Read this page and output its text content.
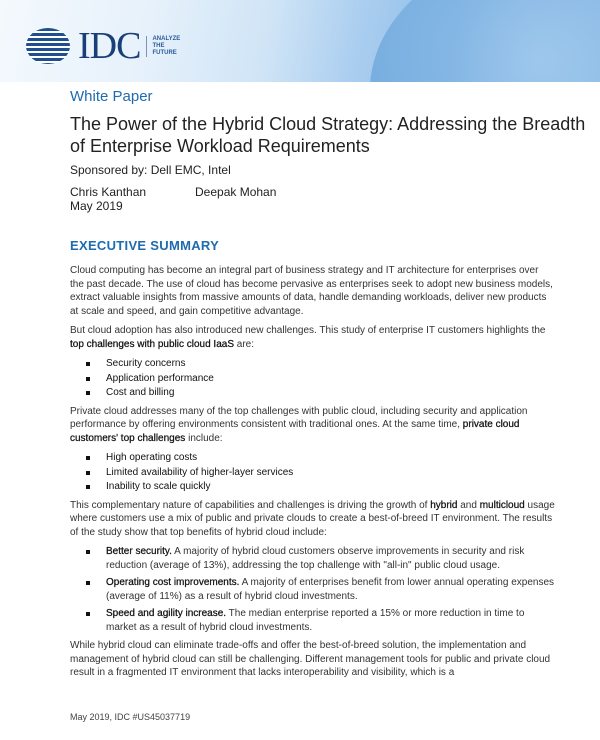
IDC ANALYZE
THE
FUTURE
White Paper
The Power of the Hybrid Cloud Strategy: Addressing the Breadth of Enterprise Workload Requirements
Sponsored by: Dell EMC, Intel
Chris Kanthan	Deepak Mohan
May 2019
EXECUTIVE SUMMARY

Cloud computing has become an integral part of business strategy and IT architecture for enterprises over the past decade. The use of cloud has become pervasive as enterprises seek to adopt new business models, extract valuable insights from massive amounts of data, handle demanding workloads, deliver new products at scale and speed, and gain competitive advantage.

But cloud adoption has also introduced new challenges. This study of enterprise IT customers highlights the top challenges with public cloud IaaS are:

Security concerns
Application performance
Cost and billing

Private cloud addresses many of the top challenges with public cloud, including security and application performance by offering environments consistent with traditional ones. At the same time, private cloud customers' top challenges include:

High operating costs
Limited availability of higher-layer services
Inability to scale quickly

This complementary nature of capabilities and challenges is driving the growth of hybrid and multicloud usage where customers use a mix of public and private clouds to create a best-of-breed IT environment. The results of the study show that top benefits of hybrid cloud include:

Better security. A majority of hybrid cloud customers observe improvements in security and risk reduction (average of 13%), addressing the top challenge with "all-in" public cloud usage.
Operating cost improvements. A majority of enterprises benefit from lower annual operating expenses (average of 11%) as a result of hybrid cloud investments.
Speed and agility increase. The median enterprise reported a 15% or more reduction in time to market as a result of hybrid cloud investments.

While hybrid cloud can eliminate trade-offs and offer the best-of-breed solution, the implementation and management of hybrid cloud can still be challenging. Different management tools for public and private cloud result in a fragmented IT environment that lacks interoperability and visibility, which is a

May 2019, IDC #US45037719
